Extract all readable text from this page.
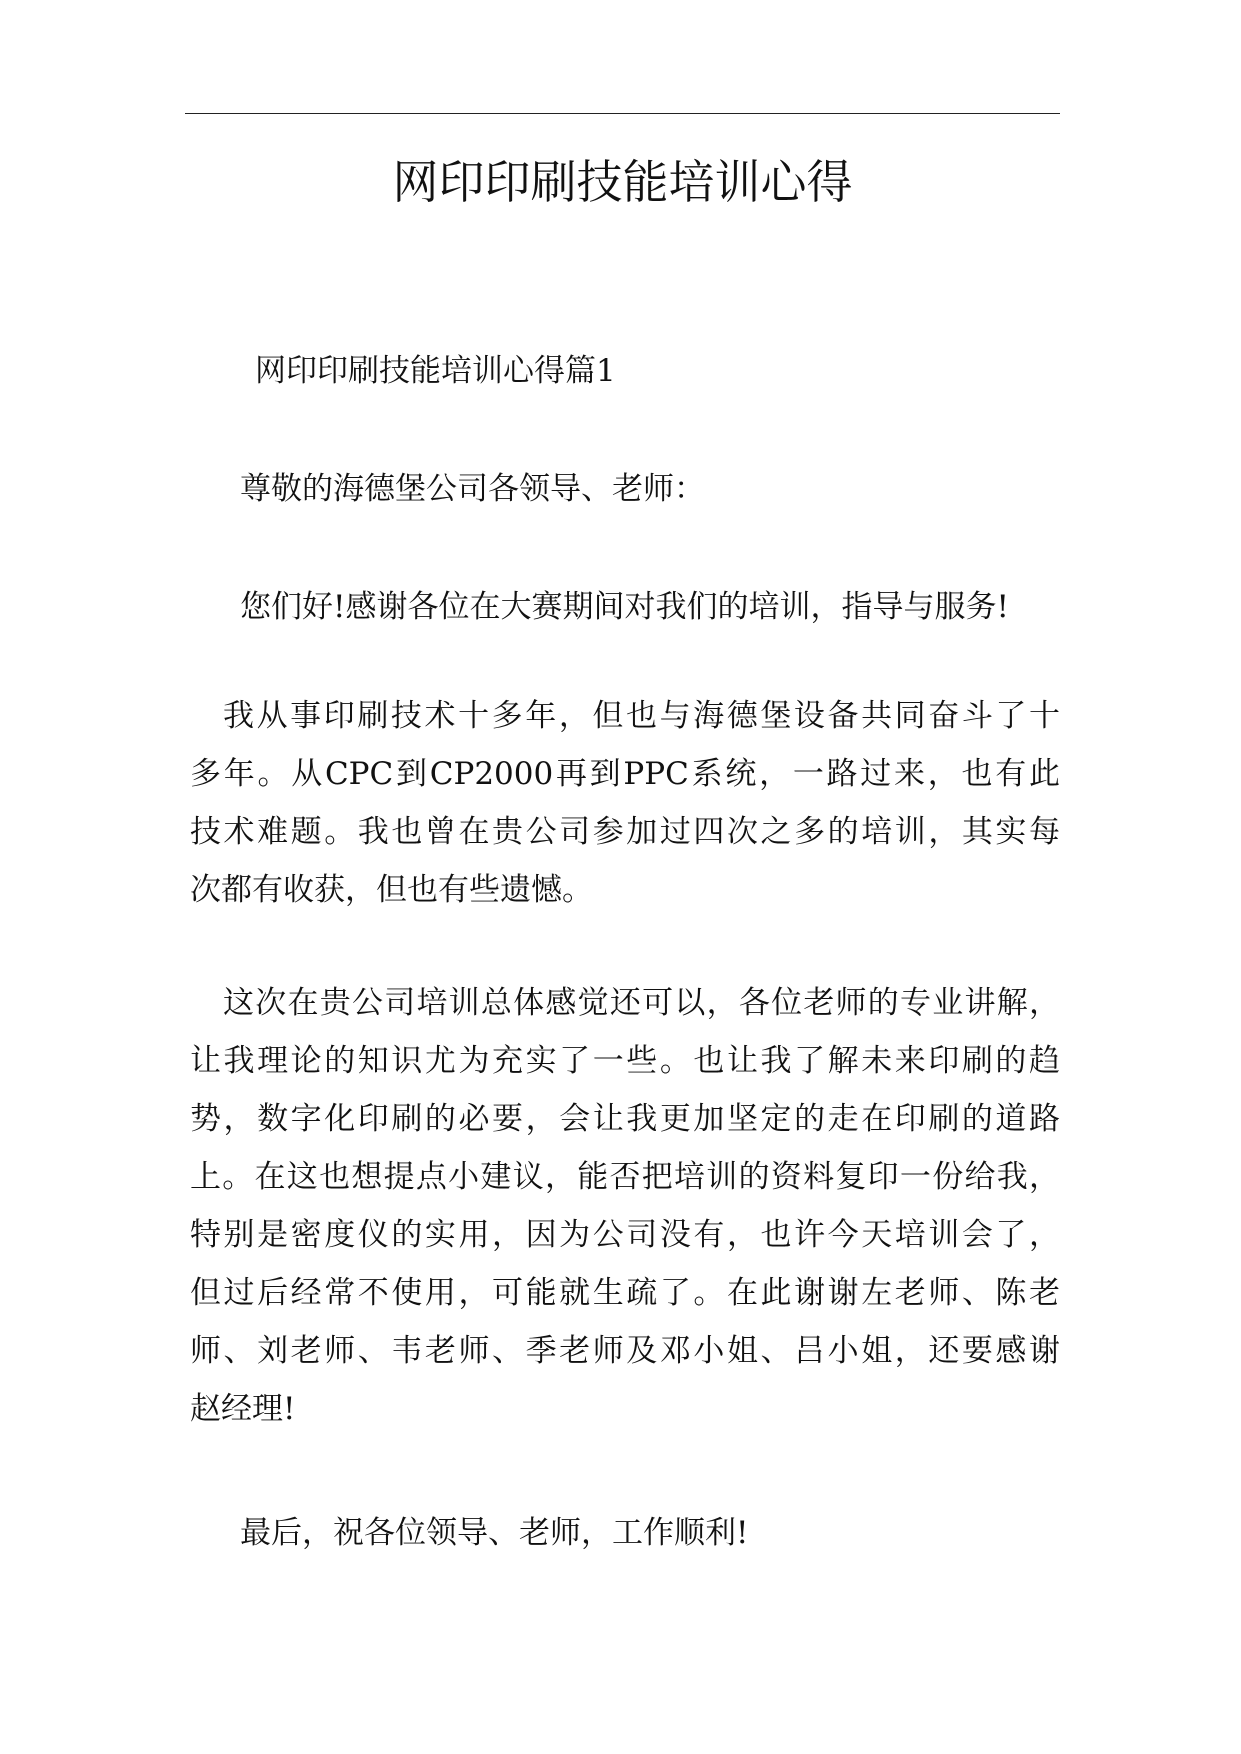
网印印刷技能培训心得

网印印刷技能培训心得篇1

尊敬的海德堡公司各领导、老师：

您们好!感谢各位在大赛期间对我们的培训，指导与服务!

我从事印刷技术十多年，但也与海德堡设备共同奋斗了十
多年。从CPC到CP2000再到PPC系统，一路过来，也有此
技术难题。我也曾在贵公司参加过四次之多的培训，其实每
次都有收获，但也有些遗憾。
这次在贵公司培训总体感觉还可以，各位老师的专业讲解，
让我理论的知识尤为充实了一些。也让我了解未来印刷的趋
势，数字化印刷的必要，会让我更加坚定的走在印刷的道路
上。在这也想提点小建议，能否把培训的资料复印一份给我，
特别是密度仪的实用，因为公司没有，也许今天培训会了，
但过后经常不使用，可能就生疏了。在此谢谢左老师、陈老
师、刘老师、韦老师、季老师及邓小姐、吕小姐，还要感谢
赵经理!

最后，祝各位领导、老师，工作顺利!
